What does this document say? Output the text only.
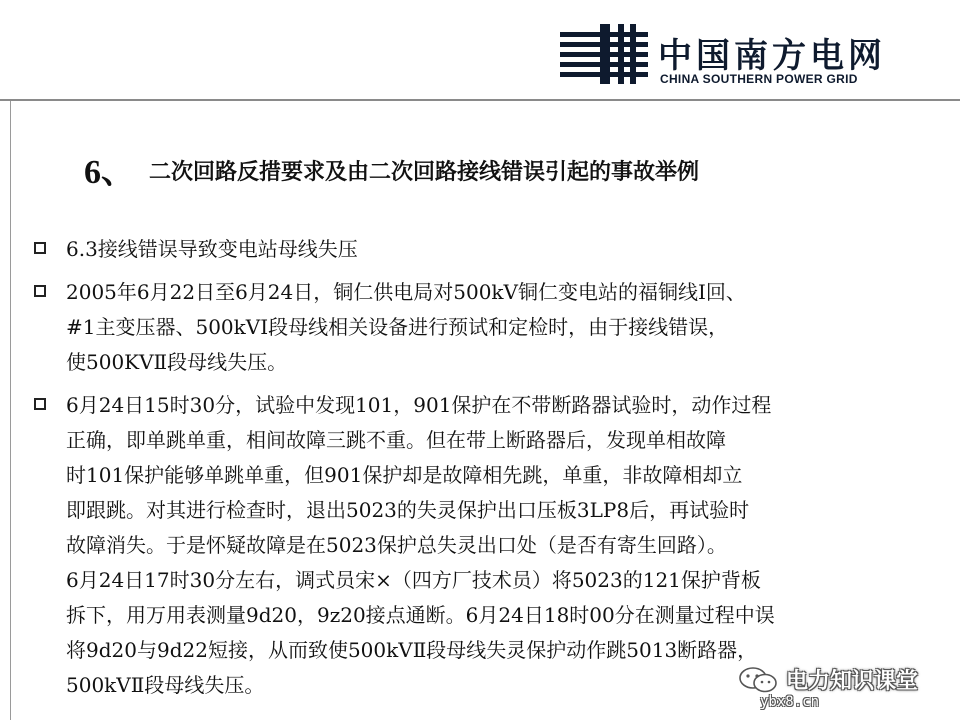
中国南方电网
CHINA SOUTHERN POWER GRID
6、 二次回路反措要求及由二次回路接线错误引起的事故举例
6.3接线错误导致变电站母线失压
2005年6月22日至6月24日，铜仁供电局对500kV铜仁变电站的福铜线Ⅰ回、
#1主变压器、500kVⅠ段母线相关设备进行预试和定检时，由于接线错误，
使500KVⅡ段母线失压。
6月24日15时30分，试验中发现101，901保护在不带断路器试验时，动作过程
正确，即单跳单重，相间故障三跳不重。但在带上断路器后，发现单相故障
时101保护能够单跳单重，但901保护却是故障相先跳，单重，非故障相却立
即跟跳。对其进行检查时，退出5023的失灵保护出口压板3LP8后，再试验时
故障消失。于是怀疑故障是在5023保护总失灵出口处（是否有寄生回路）。
6月24日17时30分左右，调式员宋×（四方厂技术员）将5023的121保护背板
拆下，用万用表测量9d20，9z20接点通断。6月24日18时00分在测量过程中误
将9d20与9d22短接，从而致使500kVⅡ段母线失灵保护动作跳5013断路器，
500kVⅡ段母线失压。	电力知识课堂
ybx8.cn
